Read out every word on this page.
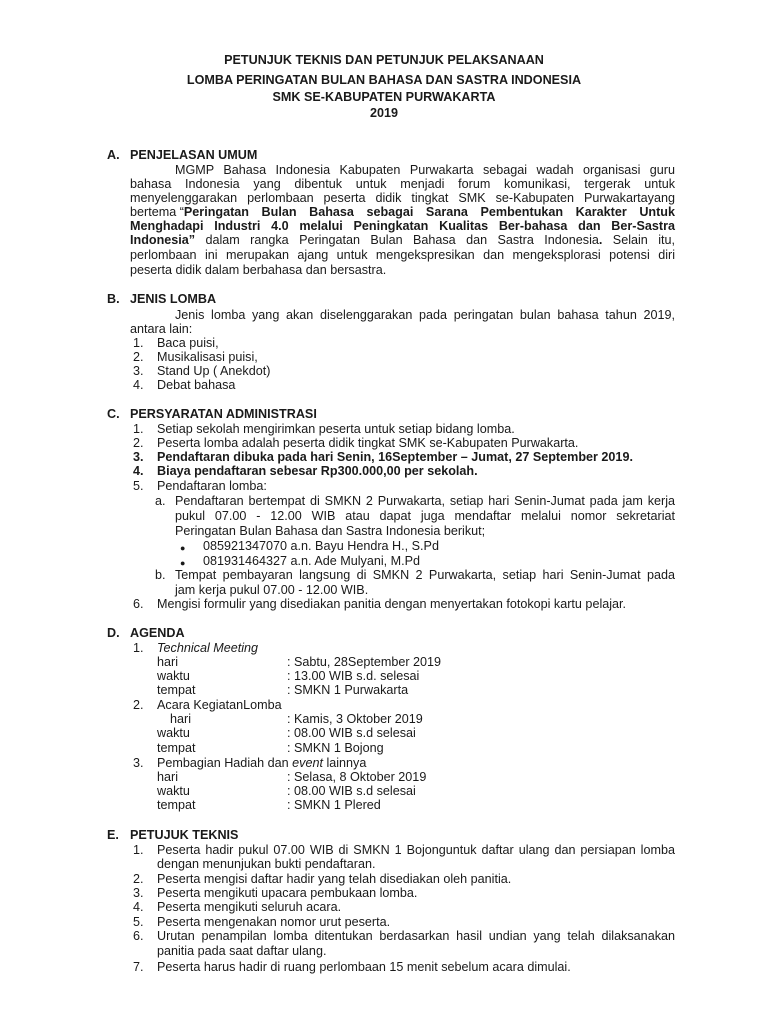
PETUNJUK TEKNIS DAN PETUNJUK PELAKSANAAN
LOMBA PERINGATAN BULAN BAHASA DAN SASTRA INDONESIA
SMK SE-KABUPATEN PURWAKARTA
2019
A. PENJELASAN UMUM
MGMP Bahasa Indonesia Kabupaten Purwakarta sebagai wadah organisasi guru
bahasa Indonesia yang dibentuk untuk menjadi forum komunikasi, tergerak untuk
menyelenggarakan perlombaan peserta didik tingkat SMK se-Kabupaten Purwakartayang
bertema “ Peringatan Bulan Bahasa sebagai Sarana Pembentukan Karakter Untuk
Menghadapi Industri 4.0 melalui Peningkatan Kualitas Ber-bahasa dan Ber-Sastra
Indonesia” dalam rangka Peringatan Bulan Bahasa dan Sastra Indonesia. Selain itu,
perlombaan ini merupakan ajang untuk mengekspresikan dan mengeksplorasi potensi diri
peserta didik dalam berbahasa dan bersastra.
B. JENIS LOMBA
Jenis lomba yang akan diselenggarakan pada peringatan bulan bahasa tahun 2019,
antara lain:
1. Baca puisi,
2. Musikalisasi puisi,
3. Stand Up ( Anekdot)
4. Debat bahasa
C. PERSYARATAN ADMINISTRASI
1. Setiap sekolah mengirimkan peserta untuk setiap bidang lomba.
2. Peserta lomba adalah peserta didik tingkat SMK se-Kabupaten Purwakarta.
3. Pendaftaran dibuka pada hari Senin, 16September – Jumat, 27 September 2019.
4. Biaya pendaftaran sebesar Rp300.000,00 per sekolah.
5. Pendaftaran lomba:
a. Pendaftaran bertempat di SMKN 2 Purwakarta, setiap hari Senin-Jumat pada jam kerja
pukul 07.00 - 12.00 WIB atau dapat juga mendaftar melalui nomor sekretariat
Peringatan Bulan Bahasa dan Sastra Indonesia berikut;
● 085921347070 a.n. Bayu Hendra H., S.Pd
● 081931464327 a.n. Ade Mulyani, M.Pd
b. Tempat pembayaran langsung di SMKN 2 Purwakarta, setiap hari Senin-Jumat pada
jam kerja pukul 07.00 - 12.00 WIB.
6. Mengisi formulir yang disediakan panitia dengan menyertakan fotokopi kartu pelajar.
D. AGENDA
1. Technical Meeting
hari	: Sabtu, 28September 2019
waktu	: 13.00 WIB s.d. selesai
tempat	: SMKN 1 Purwakarta
2. Acara KegiatanLomba
hari	: Kamis, 3 Oktober 2019
waktu	: 08.00 WIB s.d selesai
tempat	: SMKN 1 Bojong
3. Pembagian Hadiah dan event lainnya
hari	: Selasa, 8 Oktober 2019
waktu	: 08.00 WIB s.d selesai
tempat	: SMKN 1 Plered
E. PETUJUK TEKNIS
1. Peserta hadir pukul 07.00 WIB di SMKN 1 Bojonguntuk daftar ulang dan persiapan lomba
dengan menunjukan bukti pendaftaran.
2. Peserta mengisi daftar hadir yang telah disediakan oleh panitia.
3. Peserta mengikuti upacara pembukaan lomba.
4. Peserta mengikuti seluruh acara.
5. Peserta mengenakan nomor urut peserta.
6. Urutan penampilan lomba ditentukan berdasarkan hasil undian yang telah dilaksanakan
panitia pada saat daftar ulang.
7. Peserta harus hadir di ruang perlombaan 15 menit sebelum acara dimulai.
